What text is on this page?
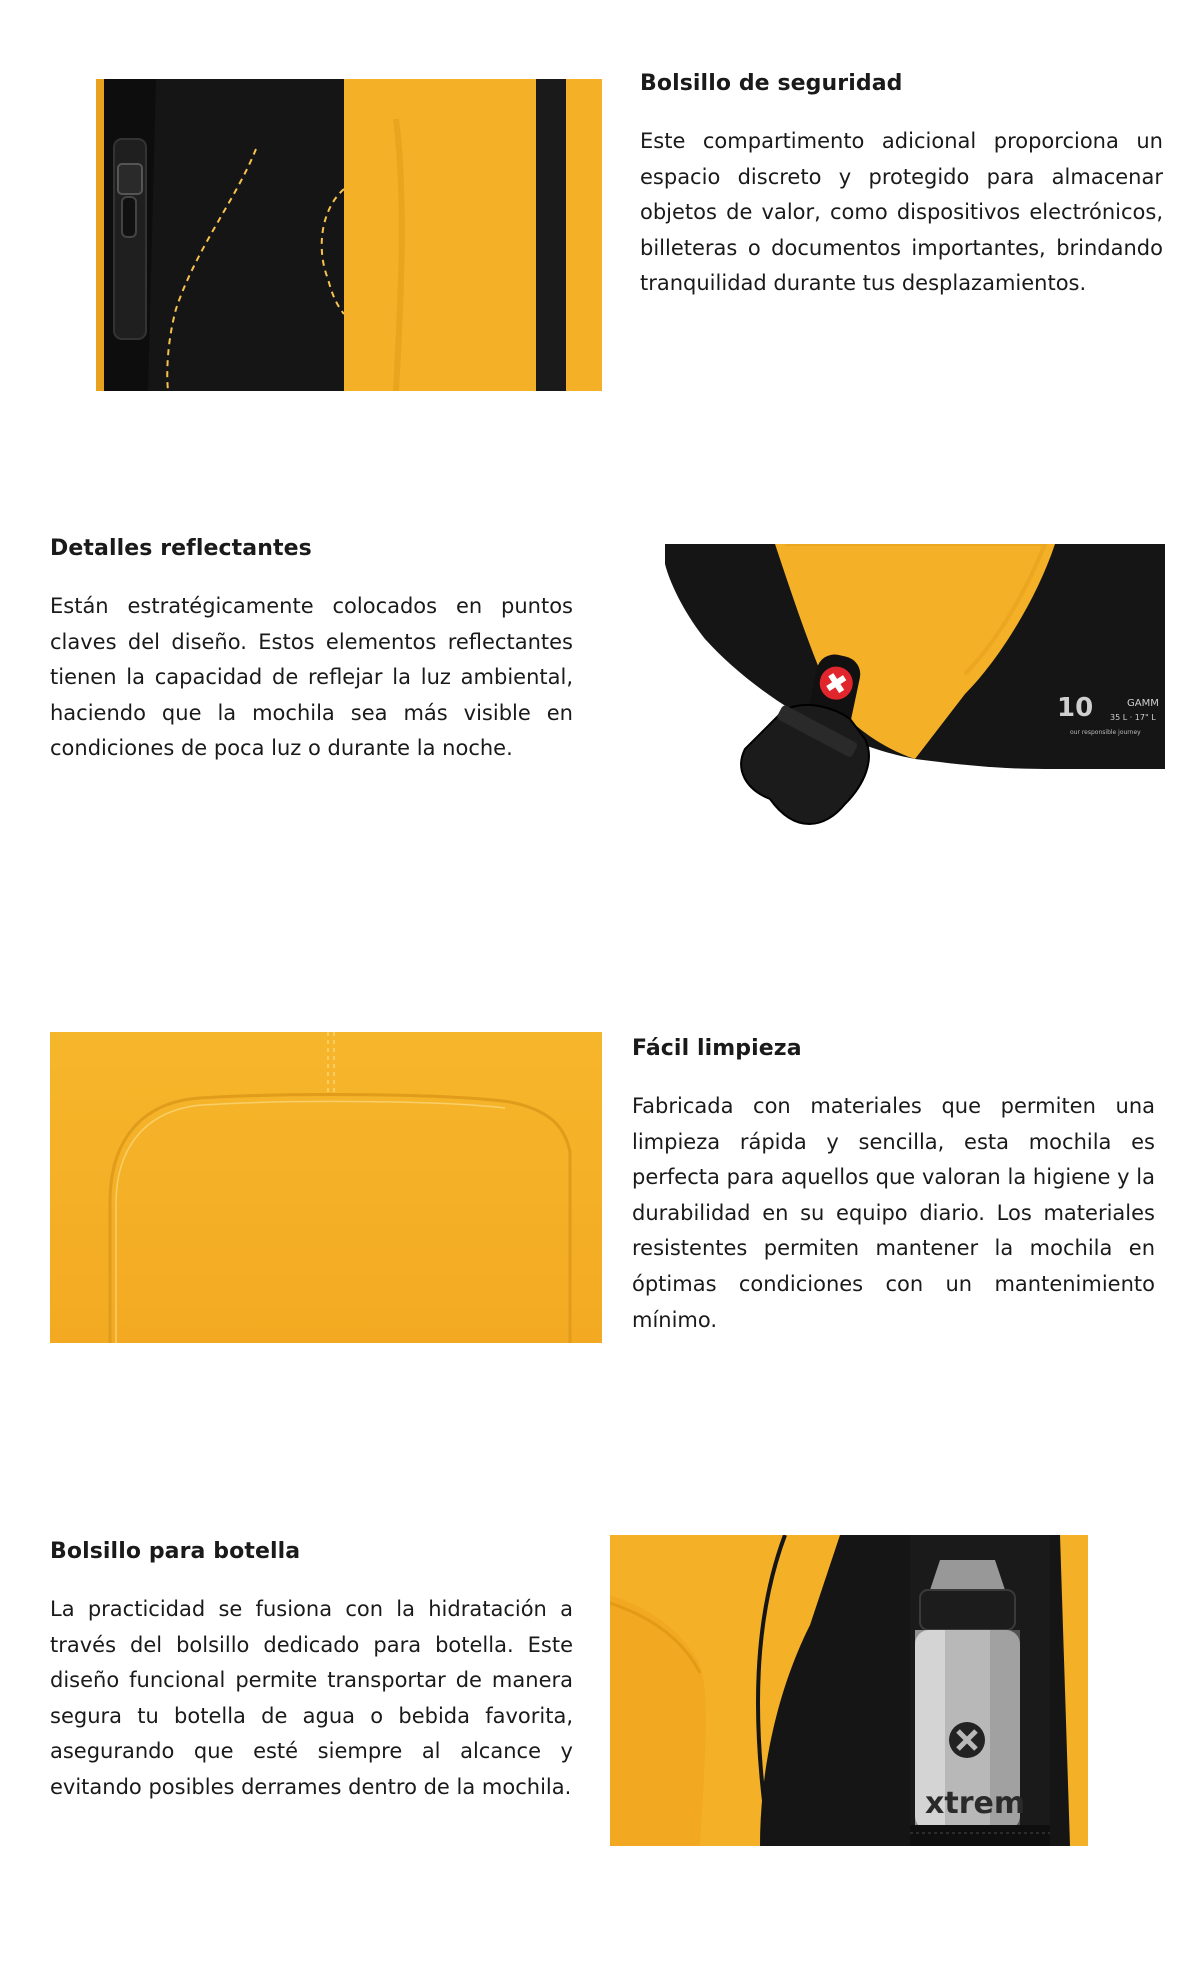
Bolsillo de seguridad

Este compartimento adicional proporciona un espacio discreto y protegido para almacenar objetos de valor, como dispositivos electrónicos, billeteras o documentos importantes, brindando tranquilidad durante tus desplazamientos.

Detalles reflectantes

Están estratégicamente colocados en puntos claves del diseño. Estos elementos reflectantes tienen la capacidad de reflejar la luz ambiental, haciendo que la mochila sea más visible en condiciones de poca luz o durante la noche.

10	GAMM
35 L · 17" L
our responsible journey
Fácil limpieza

Fabricada con materiales que permiten una limpieza rápida y sencilla, esta mochila es perfecta para aquellos que valoran la higiene y la durabilidad en su equipo diario. Los materiales resistentes permiten mantener la mochila en óptimas condiciones con un mantenimiento mínimo.

Bolsillo para botella

La practicidad se fusiona con la hidratación a través del bolsillo dedicado para botella. Este diseño funcional permite transportar de manera segura tu botella de agua o bebida favorita, asegurando que esté siempre al alcance y evitando posibles derrames dentro de la mochila.	xtrem
